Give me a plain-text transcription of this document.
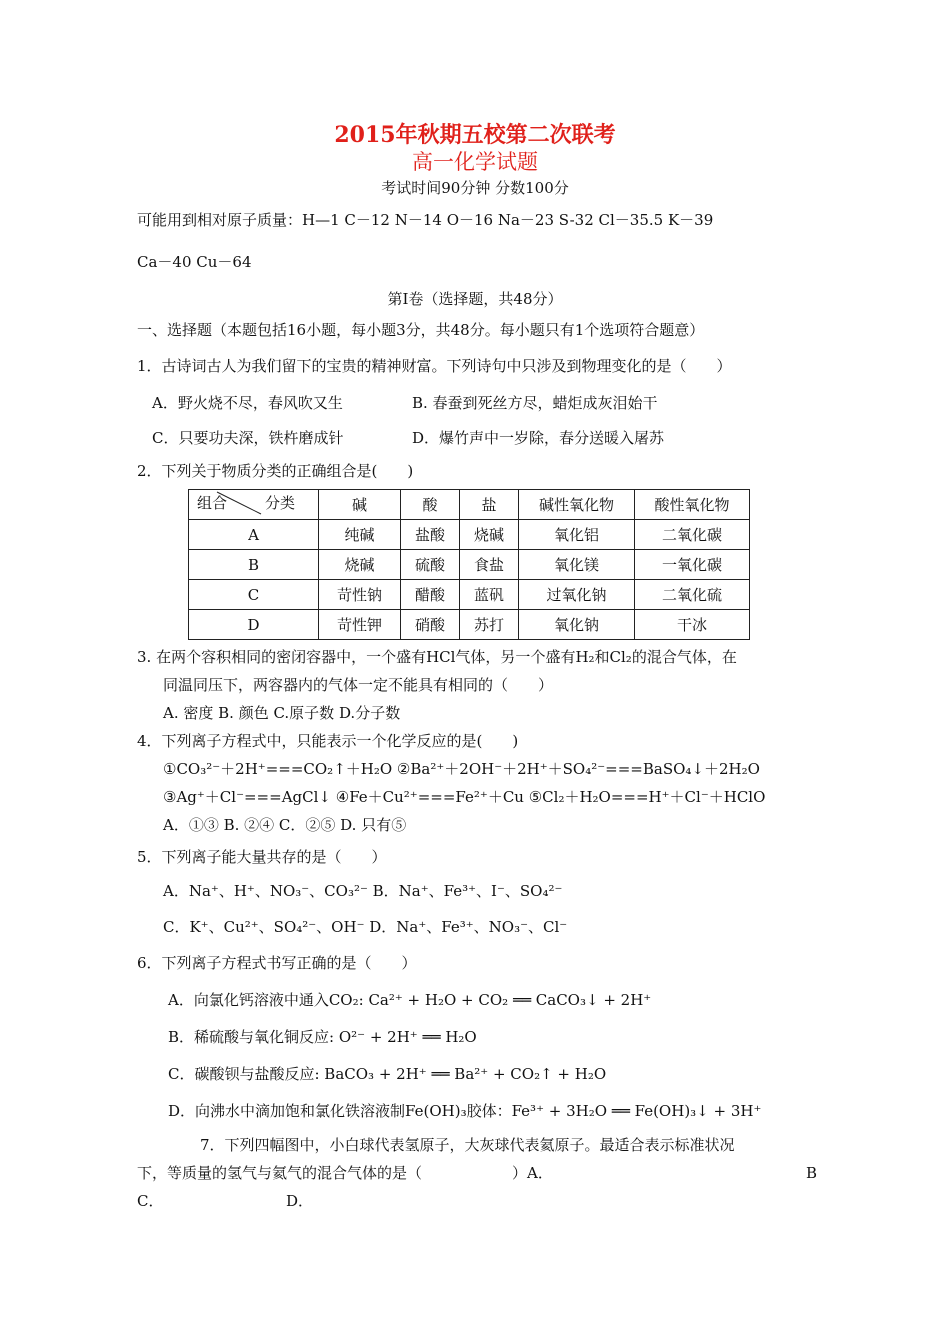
2015年秋期五校第二次联考
高一化学试题
考试时间90分钟 分数100分
可能用到相对原子质量：H—1 C－12 N－14 O－16 Na－23 S-32 Cl－35.5 K－39
Ca－40 Cu－64
第Ⅰ卷（选择题，共48分）
一、选择题（本题包括16小题，每小题3分，共48分。每小题只有1个选项符合题意）
1．古诗词古人为我们留下的宝贵的精神财富。下列诗句中只涉及到物理变化的是（　　）
A．野火烧不尽，春风吹又生	B. 春蚕到死丝方尽，蜡炬成灰泪始干
C．只要功夫深，铁杵磨成针	D．爆竹声中一岁除，春分送暖入屠苏
2．下列关于物质分类的正确组合是(　　)
组合 分类	碱	酸	盐	碱性氧化物	酸性氧化物
A	纯碱	盐酸	烧碱	氧化铝	二氧化碳
B	烧碱	硫酸	食盐	氧化镁	一氧化碳
C	苛性钠	醋酸	蓝矾	过氧化钠	二氧化硫
D	苛性钾	硝酸	苏打	氧化钠	干冰
3. 在两个容积相同的密闭容器中，一个盛有HCl气体，另一个盛有H₂和Cl₂的混合气体，在
同温同压下，两容器内的气体一定不能具有相同的（　　）
A. 密度 B. 颜色 C.原子数 D.分子数
4．下列离子方程式中，只能表示一个化学反应的是(　　)
①CO₃²⁻＋2H⁺===CO₂↑＋H₂O ②Ba²⁺＋2OH⁻＋2H⁺＋SO₄²⁻===BaSO₄↓＋2H₂O
③Ag⁺＋Cl⁻===AgCl↓ ④Fe＋Cu²⁺===Fe²⁺＋Cu ⑤Cl₂＋H₂O===H⁺＋Cl⁻＋HClO
A．①③ B. ②④ C．②⑤ D. 只有⑤
5．下列离子能大量共存的是（　　）
A．Na⁺、H⁺、NO₃⁻、CO₃²⁻ B．Na⁺、Fe³⁺、I⁻、SO₄²⁻
C．K⁺、Cu²⁺、SO₄²⁻、OH⁻ D．Na⁺、Fe³⁺、NO₃⁻、Cl⁻
6．下列离子方程式书写正确的是（　　）
A．向氯化钙溶液中通入CO₂: Ca²⁺ + H₂O + CO₂ ══ CaCO₃↓ + 2H⁺
B．稀硫酸与氧化铜反应: O²⁻ + 2H⁺ ══ H₂O
C．碳酸钡与盐酸反应: BaCO₃ + 2H⁺ ══ Ba²⁺ + CO₂↑ + H₂O
D．向沸水中滴加饱和氯化铁溶液制Fe(OH)₃胶体：Fe³⁺ + 3H₂O ══ Fe(OH)₃↓ + 3H⁺
7．下列四幅图中，小白球代表氢原子，大灰球代表氦原子。最适合表示标准状况
下，等质量的氢气与氦气的混合气体的是（　　　　　　）A．	B
C．	D．
